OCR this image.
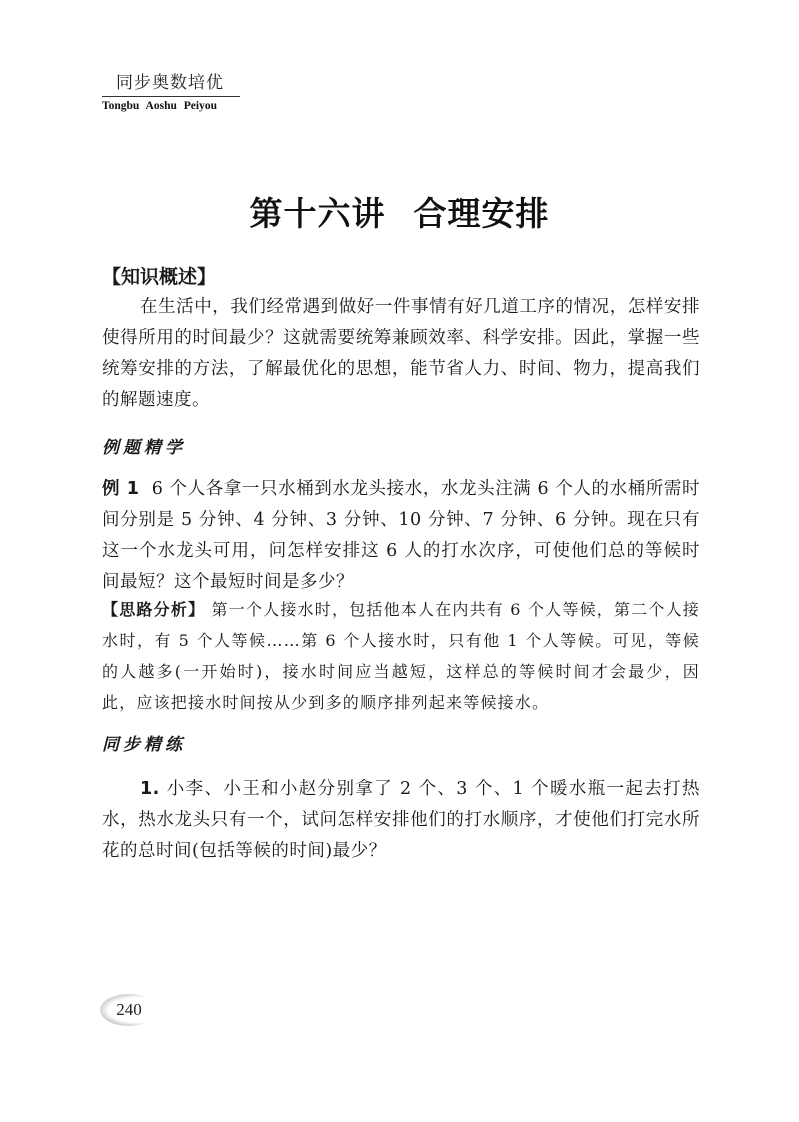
同步奥数培优
Tongbu Aoshu Peiyou
第十六讲 合理安排
【知识概述】
在生活中，我们经常遇到做好一件事情有好几道工序的情况，怎样安排使得所用的时间最少？这就需要统筹兼顾效率、科学安排。因此，掌握一些统筹安排的方法，了解最优化的思想，能节省人力、时间、物力，提高我们的解题速度。
例题精学
例 1 6 个人各拿一只水桶到水龙头接水，水龙头注满 6 个人的水桶所需时间分别是 5 分钟、4 分钟、3 分钟、10 分钟、7 分钟、6 分钟。现在只有这一个水龙头可用，问怎样安排这 6 人的打水次序，可使他们总的等候时间最短？这个最短时间是多少？
【思路分析】 第一个人接水时，包括他本人在内共有 6 个人等候，第二个人接水时，有 5 个人等候……第 6 个人接水时，只有他 1 个人等候。可见，等候的人越多(一开始时)，接水时间应当越短，这样总的等候时间才会最少，因此，应该把接水时间按从少到多的顺序排列起来等候接水。
同步精练
1. 小李、小王和小赵分别拿了 2 个、3 个、1 个暖水瓶一起去打热水，热水龙头只有一个，试问怎样安排他们的打水顺序，才使他们打完水所花的总时间(包括等候的时间)最少？
240
